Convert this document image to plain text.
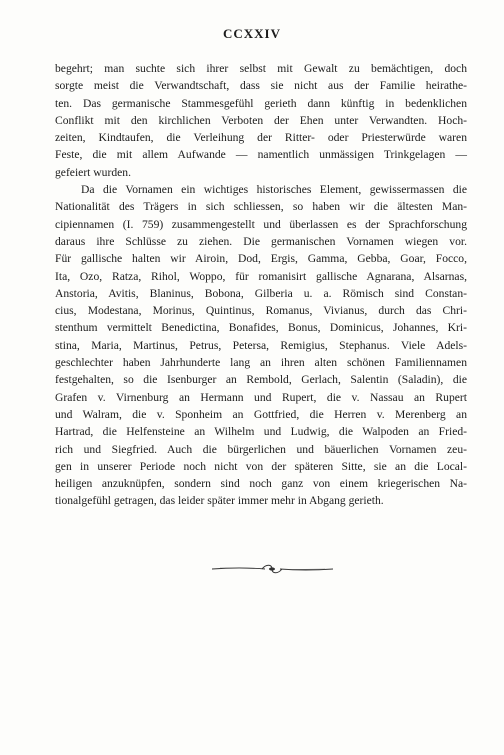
CCXXIV
begehrt; man suchte sich ihrer selbst mit Gewalt zu bemächtigen, doch
sorgte meist die Verwandtschaft, dass sie nicht aus der Familie heirathe-
ten. Das germanische Stammesgefühl gerieth dann künftig in bedenklichen
Conflikt mit den kirchlichen Verboten der Ehen unter Verwandten. Hoch-
zeiten, Kindtaufen, die Verleihung der Ritter- oder Priesterwürde waren
Feste, die mit allem Aufwande — namentlich unmässigen Trinkgelagen —
gefeiert wurden.
Da die Vornamen ein wichtiges historisches Element, gewissermassen die
Nationalität des Trägers in sich schliessen, so haben wir die ältesten Man-
cipiennamen (I. 759) zusammengestellt und überlassen es der Sprachforschung
daraus ihre Schlüsse zu ziehen. Die germanischen Vornamen wiegen vor.
Für gallische halten wir Airoin, Dod, Ergis, Gamma, Gebba, Goar, Focco,
Ita, Ozo, Ratza, Rihol, Woppo, für romanisirt gallische Agnarana, Alsarnas,
Anstoria, Avitis, Blaninus, Bobona, Gilberia u. a. Römisch sind Constan-
cius, Modestana, Morinus, Quintinus, Romanus, Vivianus, durch das Chri-
stenthum vermittelt Benedictina, Bonafides, Bonus, Dominicus, Johannes, Kri-
stina, Maria, Martinus, Petrus, Petersa, Remigius, Stephanus. Viele Adels-
geschlechter haben Jahrhunderte lang an ihren alten schönen Familiennamen
festgehalten, so die Isenburger an Rembold, Gerlach, Salentin (Saladin), die
Grafen v. Virnenburg an Hermann und Rupert, die v. Nassau an Rupert
und Walram, die v. Sponheim an Gottfried, die Herren v. Merenberg an
Hartrad, die Helfensteine an Wilhelm und Ludwig, die Walpoden an Fried-
rich und Siegfried. Auch die bürgerlichen und bäuerlichen Vornamen zeu-
gen in unserer Periode noch nicht von der späteren Sitte, sie an die Local-
heiligen anzuknüpfen, sondern sind noch ganz von einem kriegerischen Na-
tionalgefühl getragen, das leider später immer mehr in Abgang gerieth.
